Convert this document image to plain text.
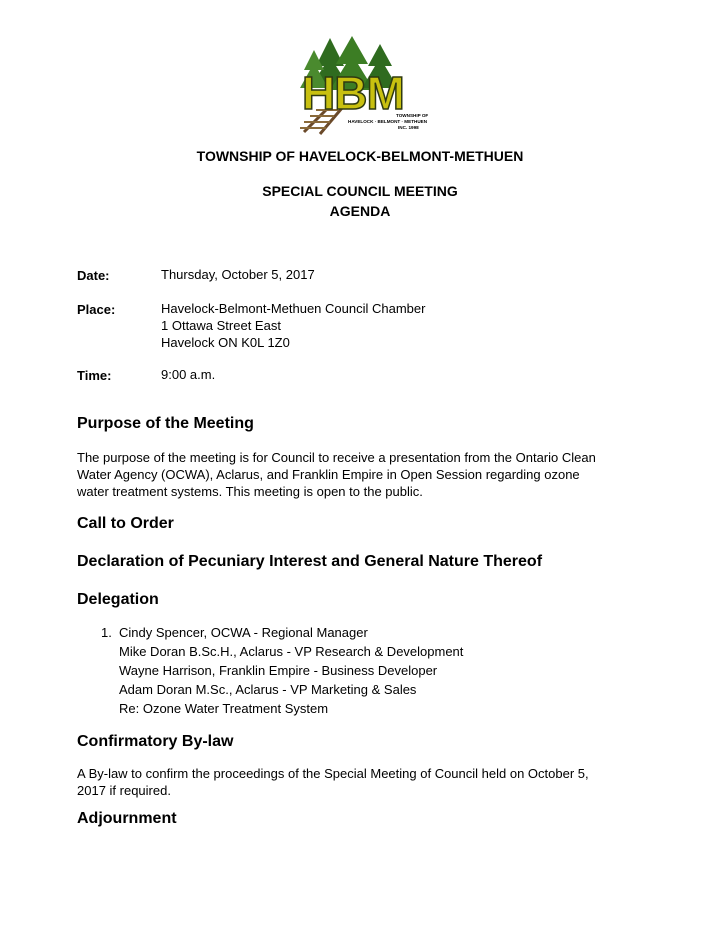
HBM
TOWNSHIP OF
HAVELOCK · BELMONT · METHUEN
INC. 1998
TOWNSHIP OF HAVELOCK-BELMONT-METHUEN
SPECIAL COUNCIL MEETING
AGENDA
Date:	Thursday, October 5, 2017
Place:	Havelock-Belmont-Methuen Council Chamber
1 Ottawa Street East
Havelock ON K0L 1Z0
Time:	9:00 a.m.
Purpose of the Meeting
The purpose of the meeting is for Council to receive a presentation from the Ontario Clean
Water Agency (OCWA), Aclarus, and Franklin Empire in Open Session regarding ozone
water treatment systems. This meeting is open to the public.
Call to Order
Declaration of Pecuniary Interest and General Nature Thereof
Delegation
1. Cindy Spencer, OCWA - Regional Manager
Mike Doran B.Sc.H., Aclarus - VP Research & Development
Wayne Harrison, Franklin Empire - Business Developer
Adam Doran M.Sc., Aclarus - VP Marketing & Sales
Re: Ozone Water Treatment System
Confirmatory By-law
A By-law to confirm the proceedings of the Special Meeting of Council held on October 5,
2017 if required.
Adjournment
